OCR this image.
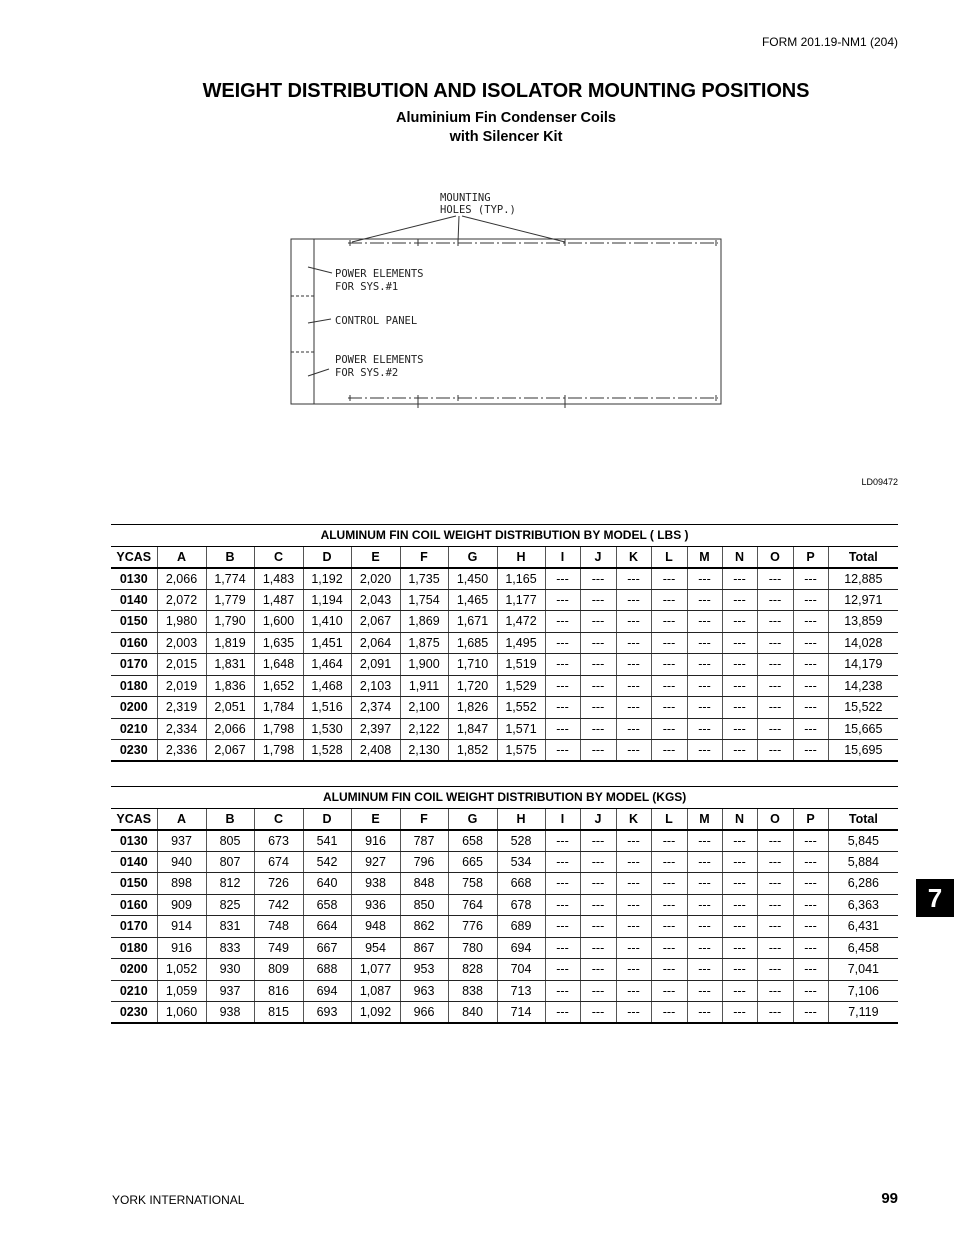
FORM 201.19-NM1 (204)
WEIGHT DISTRIBUTION AND ISOLATOR MOUNTING POSITIONS
Aluminium Fin Condenser Coils
with Silencer Kit
MOUNTING
HOLES (TYP.)
POWER ELEMENTS
FOR SYS.#1
CONTROL PANEL
POWER ELEMENTS
FOR SYS.#2
LD09472
ALUMINUM FIN COIL WEIGHT DISTRIBUTION BY MODEL ( LBS )																	
YCAS	A	B	C	D	E	F	G	H	I	J	K	L	M	N	O	P	Total
0130	2,066	1,774	1,483	1,192	2,020	1,735	1,450	1,165	---	---	---	---	---	---	---	---	12,885
0140	2,072	1,779	1,487	1,194	2,043	1,754	1,465	1,177	---	---	---	---	---	---	---	---	12,971
0150	1,980	1,790	1,600	1,410	2,067	1,869	1,671	1,472	---	---	---	---	---	---	---	---	13,859
0160	2,003	1,819	1,635	1,451	2,064	1,875	1,685	1,495	---	---	---	---	---	---	---	---	14,028
0170	2,015	1,831	1,648	1,464	2,091	1,900	1,710	1,519	---	---	---	---	---	---	---	---	14,179
0180	2,019	1,836	1,652	1,468	2,103	1,911	1,720	1,529	---	---	---	---	---	---	---	---	14,238
0200	2,319	2,051	1,784	1,516	2,374	2,100	1,826	1,552	---	---	---	---	---	---	---	---	15,522
0210	2,334	2,066	1,798	1,530	2,397	2,122	1,847	1,571	---	---	---	---	---	---	---	---	15,665
0230	2,336	2,067	1,798	1,528	2,408	2,130	1,852	1,575	---	---	---	---	---	---	---	---	15,695
ALUMINUM FIN COIL WEIGHT DISTRIBUTION BY MODEL (KGS)																	
YCAS	A	B	C	D	E	F	G	H	I	J	K	L	M	N	O	P	Total
0130	937	805	673	541	916	787	658	528	---	---	---	---	---	---	---	---	5,845
0140	940	807	674	542	927	796	665	534	---	---	---	---	---	---	---	---	5,884
0150	898	812	726	640	938	848	758	668	---	---	---	---	---	---	---	---	6,286
0160	909	825	742	658	936	850	764	678	---	---	---	---	---	---	---	---	6,363
0170	914	831	748	664	948	862	776	689	---	---	---	---	---	---	---	---	6,431
0180	916	833	749	667	954	867	780	694	---	---	---	---	---	---	---	---	6,458
0200	1,052	930	809	688	1,077	953	828	704	---	---	---	---	---	---	---	---	7,041
0210	1,059	937	816	694	1,087	963	838	713	---	---	---	---	---	---	---	---	7,106
0230	1,060	938	815	693	1,092	966	840	714	---	---	---	---	---	---	---	---	7,119
7
YORK INTERNATIONAL	99
